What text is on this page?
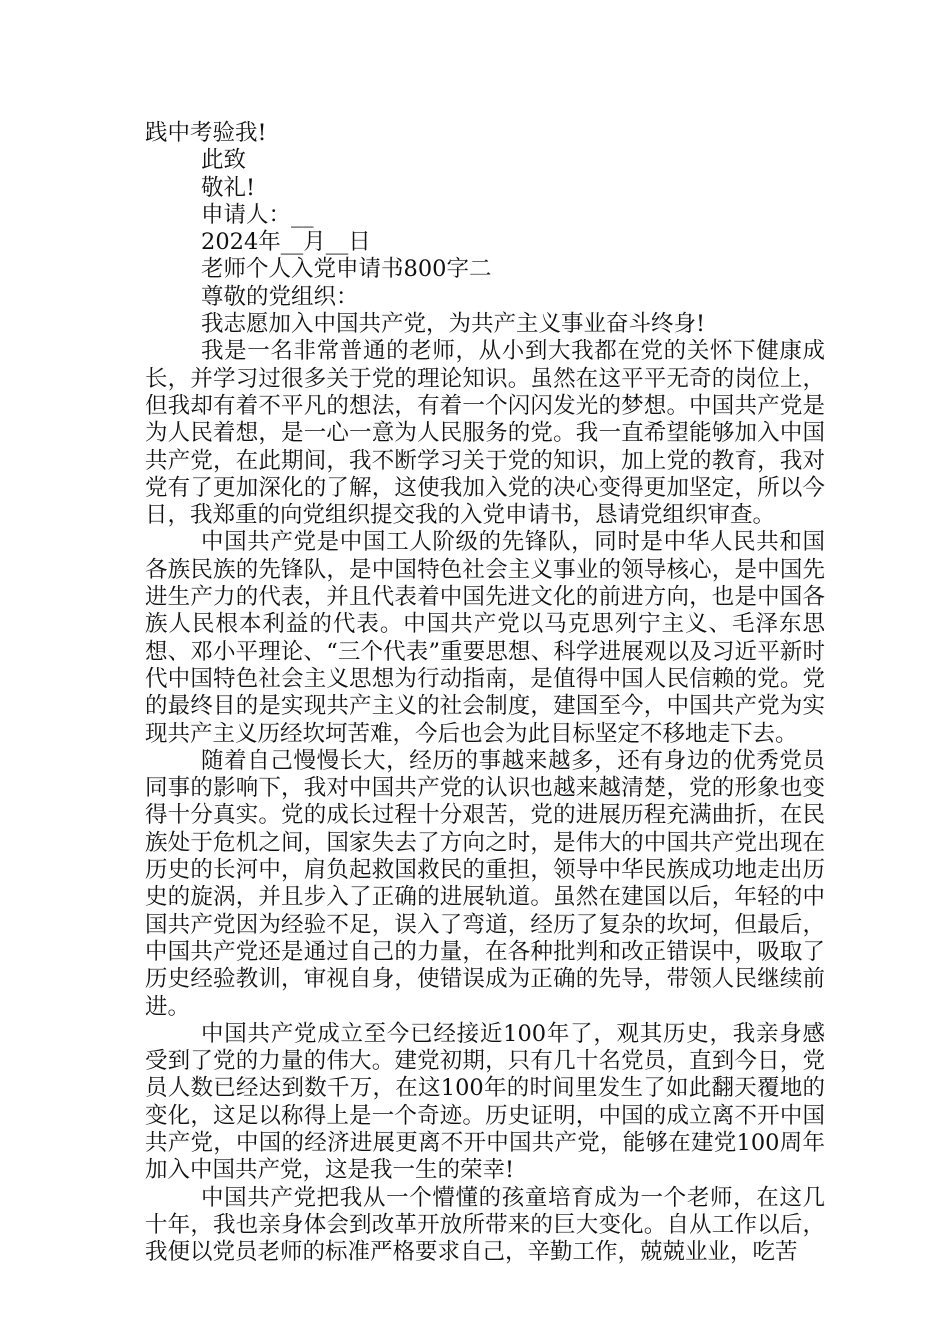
践中考验我!

此致

敬礼!

申请人：__

2024年__月__日

老师个人入党申请书800字二

尊敬的党组织：

我志愿加入中国共产党，为共产主义事业奋斗终身!

我是一名非常普通的老师，从小到大我都在党的关怀下健康成长，并学习过很多关于党的理论知识。虽然在这平平无奇的岗位上，但我却有着不平凡的想法，有着一个闪闪发光的梦想。中国共产党是为人民着想，是一心一意为人民服务的党。我一直希望能够加入中国共产党，在此期间，我不断学习关于党的知识，加上党的教育，我对党有了更加深化的了解，这使我加入党的决心变得更加坚定，所以今日，我郑重的向党组织提交我的入党申请书，恳请党组织审查。

中国共产党是中国工人阶级的先锋队，同时是中华人民共和国各族民族的先锋队，是中国特色社会主义事业的领导核心，是中国先进生产力的代表，并且代表着中国先进文化的前进方向，也是中国各族人民根本利益的代表。中国共产党以马克思列宁主义、毛泽东思想、邓小平理论、“三个代表”重要思想、科学进展观以及习近平新时代中国特色社会主义思想为行动指南，是值得中国人民信赖的党。党的最终目的是实现共产主义的社会制度，建国至今，中国共产党为实现共产主义历经坎坷苦难，今后也会为此目标坚定不移地走下去。

随着自己慢慢长大，经历的事越来越多，还有身边的优秀党员同事的影响下，我对中国共产党的认识也越来越清楚，党的形象也变得十分真实。党的成长过程十分艰苦，党的进展历程充满曲折，在民族处于危机之间，国家失去了方向之时，是伟大的中国共产党出现在历史的长河中，肩负起救国救民的重担，领导中华民族成功地走出历史的旋涡，并且步入了正确的进展轨道。虽然在建国以后，年轻的中国共产党因为经验不足，误入了弯道，经历了复杂的坎坷，但最后，中国共产党还是通过自己的力量，在各种批判和改正错误中，吸取了历史经验教训，审视自身，使错误成为正确的先导，带领人民继续前进。

中国共产党成立至今已经接近100年了，观其历史，我亲身感受到了党的力量的伟大。建党初期，只有几十名党员，直到今日，党员人数已经达到数千万，在这100年的时间里发生了如此翻天覆地的变化，这足以称得上是一个奇迹。历史证明，中国的成立离不开中国共产党，中国的经济进展更离不开中国共产党，能够在建党100周年加入中国共产党，这是我一生的荣幸!

中国共产党把我从一个懵懂的孩童培育成为一个老师，在这几十年，我也亲身体会到改革开放所带来的巨大变化。自从工作以后，我便以党员老师的标准严格要求自己，辛勤工作，兢兢业业，吃苦
